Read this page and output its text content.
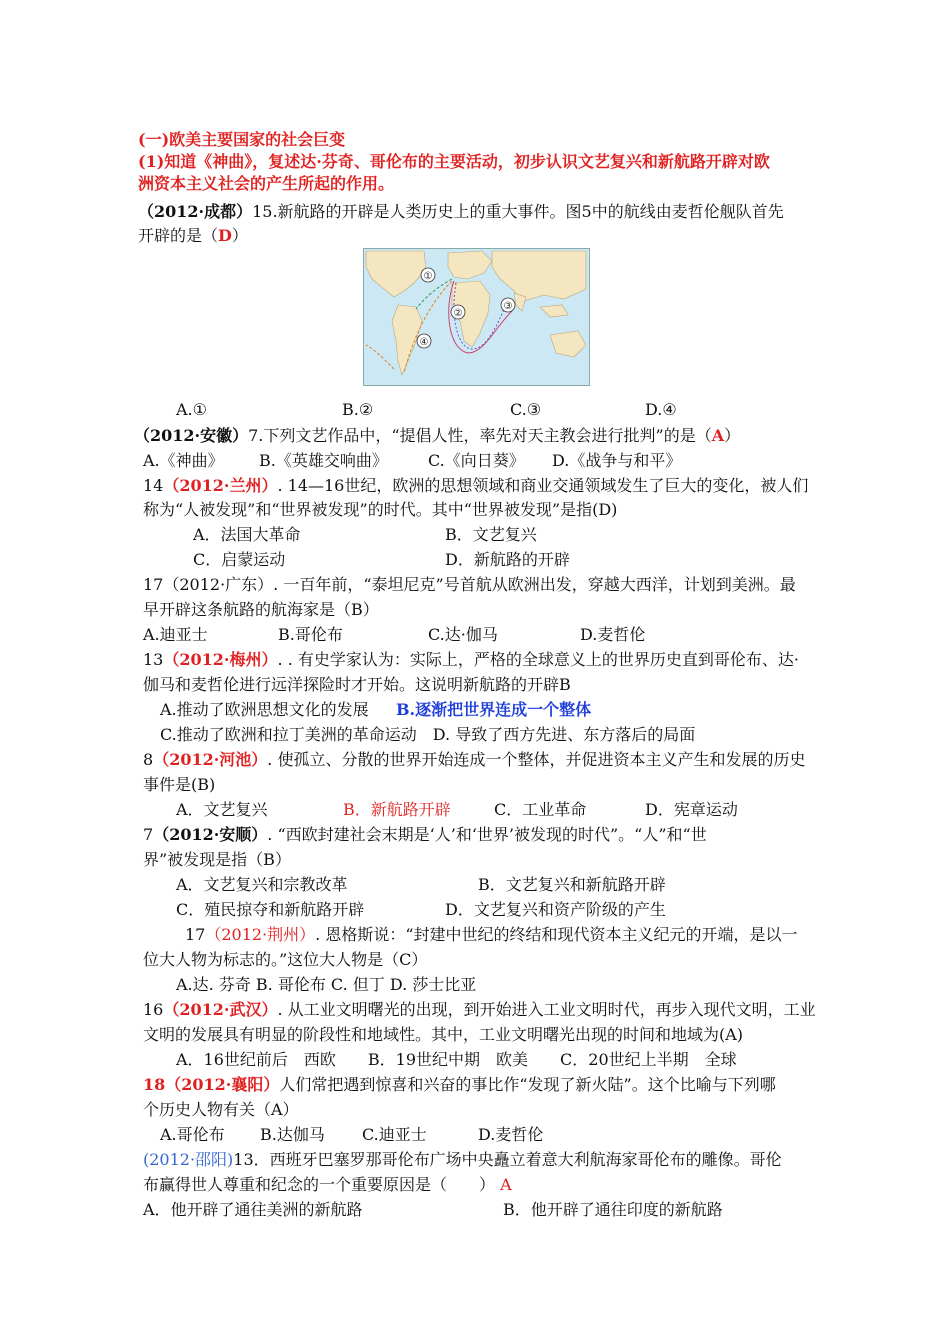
(一)欧美主要国家的社会巨变
(1)知道《神曲》，复述达·芬奇、哥伦布的主要活动，初步认识文艺复兴和新航路开辟对欧
洲资本主义社会的产生所起的作用。
（2012·成都）15.新航路的开辟是人类历史上的重大事件。图5中的航线由麦哲伦舰队首先
开辟的是（D）
①
②
③
④
A.①	B.②	C.③	D.④
（2012·安徽）7.下列文艺作品中，“提倡人性，率先对天主教会进行批判”的是（A）
A.《神曲》 B.《英雄交响曲》	C.《向日葵》 D.《战争与和平》
14（2012·兰州）. 14—16世纪，欧洲的思想领域和商业交通领域发生了巨大的变化，被人们
称为“人被发现”和“世界被发现”的时代。其中“世界被发现”是指(D)
A．法国大革命	B．文艺复兴
C．启蒙运动	D．新航路的开辟
17（2012·广东）. 一百年前，“泰坦尼克”号首航从欧洲出发，穿越大西洋，计划到美洲。最
早开辟这条航路的航海家是（B）
A.迪亚士	B.哥伦布	C.达·伽马	D.麦哲伦
13（2012·梅州）. . 有史学家认为：实际上，严格的全球意义上的世界历史直到哥伦布、达·
伽马和麦哲伦进行远洋探险时才开始。这说明新航路的开辟B
A.推动了欧洲思想文化的发展 B.逐渐把世界连成一个整体
C.推动了欧洲和拉丁美洲的革命运动　D. 导致了西方先进、东方落后的局面
8（2012·河池）. 使孤立、分散的世界开始连成一个整体，并促进资本主义产生和发展的历史
事件是(B)
A．文艺复兴	B．新航路开辟	C．工业革命	D．宪章运动
7（2012·安顺）. “西欧封建社会末期是‘人’和‘世界’被发现的时代”。“人”和“世
界”被发现是指（B）
A．文艺复兴和宗教改革	B．文艺复兴和新航路开辟
C．殖民掠夺和新航路开辟	D．文艺复兴和资产阶级的产生
17（2012·荆州）. 恩格斯说：“封建中世纪的终结和现代资本主义纪元的开端，是以一
位大人物为标志的。”这位大人物是（C）
A.达. 芬奇 B. 哥伦布 C. 但丁 D. 莎士比亚
16（2012·武汉）. 从工业文明曙光的出现，到开始进入工业文明时代，再步入现代文明，工业
文明的发展具有明显的阶段性和地域性。其中，工业文明曙光出现的时间和地域为(A)
A．16世纪前后　西欧　　B．19世纪中期　欧美　　C．20世纪上半期　全球
18（2012·襄阳）人们常把遇到惊喜和兴奋的事比作“发现了新火陆”。这个比喻与下列哪
个历史人物有关（A）
A.哥伦布 B.达伽马 C.迪亚士	D.麦哲伦
(2012·邵阳)13．西班牙巴塞罗那哥伦布广场中央矗立着意大利航海家哥伦布的雕像。哥伦
布赢得世人尊重和纪念的一个重要原因是（　　） A
A．他开辟了通往美洲的新航路	B．他开辟了通往印度的新航路
